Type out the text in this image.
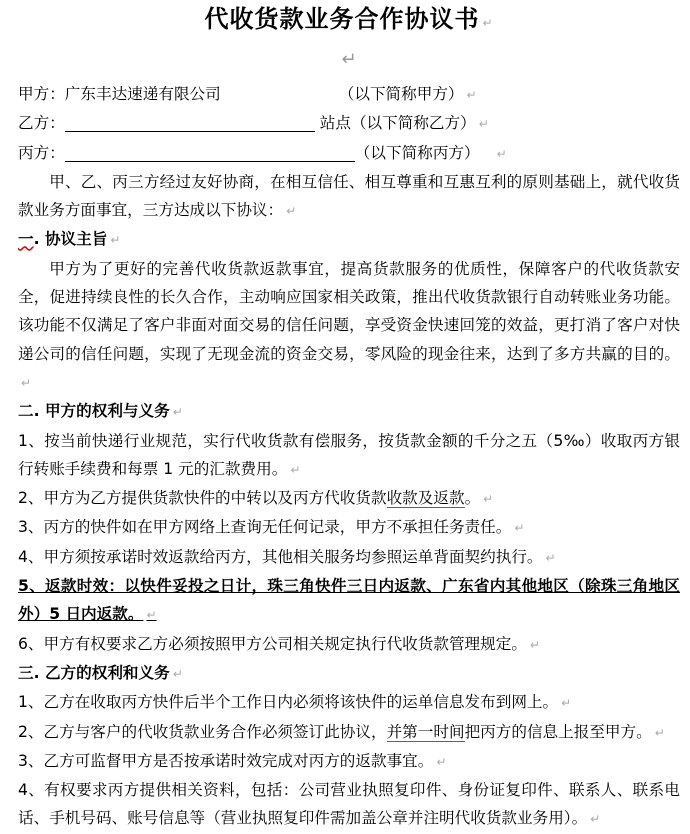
代收货款业务合作协议书 ↵
↵
甲方：广东丰达速递有限公司	（以下简称甲方） ↵
乙方：	站点（以下简称乙方） ↵
丙方：	（以下简称丙方） ↵
甲、乙、丙三方经过友好协商，在相互信任、相互尊重和互惠互利的原则基础上，就代收货款业务方面事宜，三方达成以下协议： ↵
一. 协议主旨 ↵
甲方为了更好的完善代收货款返款事宜，提高货款服务的优质性，保障客户的代收货款安全，促进持续良性的长久合作，主动响应国家相关政策，推出代收货款银行自动转账业务功能。该功能不仅满足了客户非面对面交易的信任问题，享受资金快速回笼的效益，更打消了客户对快递公司的信任问题，实现了无现金流的资金交易，零风险的现金往来，达到了多方共赢的目的。↵
二. 甲方的权利与义务 ↵
1、按当前快递行业规范，实行代收货款有偿服务，按货款金额的千分之五（5‰）收取丙方银行转账手续费和每票 1 元的汇款费用。 ↵
2、甲方为乙方提供货款快件的中转以及丙方代收货款收款及返款。 ↵
3、丙方的快件如在甲方网络上查询无任何记录，甲方不承担任务责任。 ↵
4、甲方须按承诺时效返款给丙方，其他相关服务均参照运单背面契约执行。 ↵
5、返款时效：以快件妥投之日计，珠三角快件三日内返款、广东省内其他地区（除珠三角地区外）5 日内返款。 ↵
6、甲方有权要求乙方必须按照甲方公司相关规定执行代收货款管理规定。 ↵
三. 乙方的权利和义务 ↵
1、乙方在收取丙方快件后半个工作日内必须将该快件的运单信息发布到网上。 ↵
2、乙方与客户的代收货款业务合作必须签订此协议，并第一时间把丙方的信息上报至甲方。 ↵
3、乙方可监督甲方是否按承诺时效完成对丙方的返款事宜。 ↵
4、有权要求丙方提供相关资料，包括：公司营业执照复印件、身份证复印件、联系人、联系电话、手机号码、账号信息等（营业执照复印件需加盖公章并注明代收货款业务用）。 ↵
